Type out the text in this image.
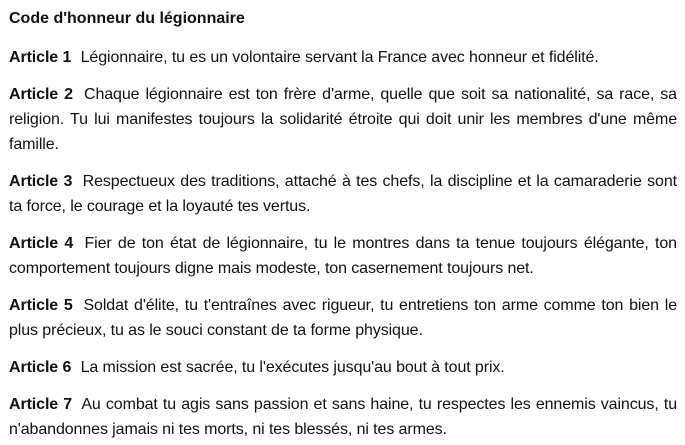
Code d'honneur du légionnaire

Article 1 Légionnaire, tu es un volontaire servant la France avec honneur et fidélité.

Article 2 Chaque légionnaire est ton frère d'arme, quelle que soit sa nationalité, sa race, sa religion. Tu lui manifestes toujours la solidarité étroite qui doit unir les membres d'une même famille.

Article 3 Respectueux des traditions, attaché à tes chefs, la discipline et la camaraderie sont ta force, le courage et la loyauté tes vertus.

Article 4 Fier de ton état de légionnaire, tu le montres dans ta tenue toujours élégante, ton comportement toujours digne mais modeste, ton casernement toujours net.

Article 5 Soldat d'élite, tu t'entraînes avec rigueur, tu entretiens ton arme comme ton bien le plus précieux, tu as le souci constant de ta forme physique.

Article 6 La mission est sacrée, tu l'exécutes jusqu'au bout à tout prix.

Article 7 Au combat tu agis sans passion et sans haine, tu respectes les ennemis vaincus, tu n'abandonnes jamais ni tes morts, ni tes blessés, ni tes armes.
